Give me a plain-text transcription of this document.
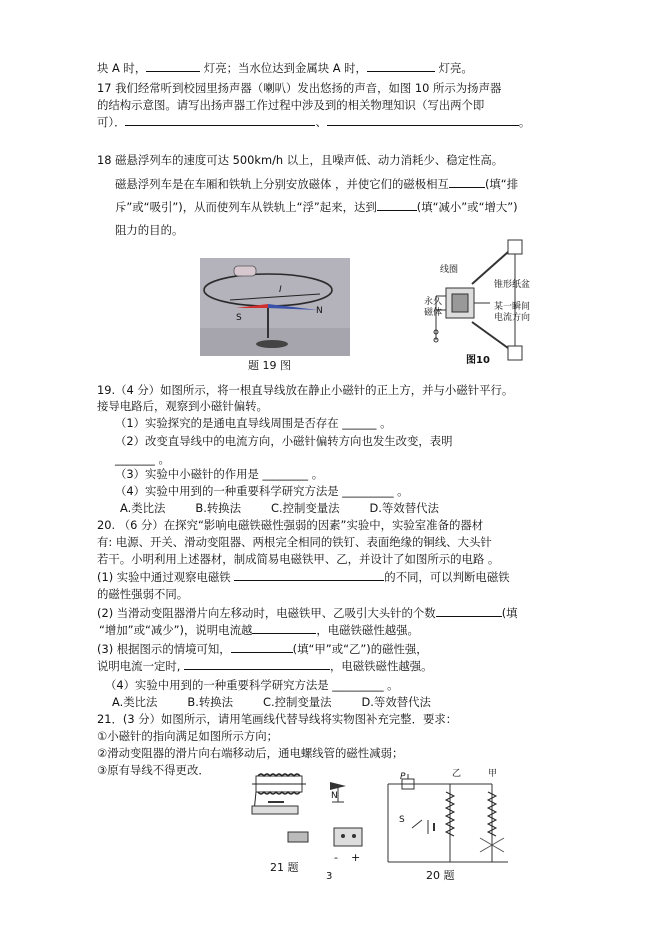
块 A 时，	灯亮；当水位达到金属块 A 时，	灯亮。
17 我们经常听到校园里扬声器（喇叭）发出悠扬的声音，如图 10 所示为扬声器
的结构示意图。请写出扬声器工作过程中涉及到的相关物理知识（写出两个即
可）．	、	。
18 磁悬浮列车的速度可达 500km/h 以上，且噪声低、动力消耗少、稳定性高。
磁悬浮列车是在车厢和铁轨上分别安放磁体 ，并使它们的磁极相互	(填“排
斥”或“吸引”)，从而使列车从铁轨上“浮”起来，达到	(填“减小”或“增大”)
阻力的目的。
S
N
I
题 19 图
线圈
锥形纸盆
永久
磁体
某一瞬间
电流方向
图10
19.（4 分）如图所示，将一根直导线放在静止小磁针的正上方，并与小磁针平行。
接导电路后，观察到小磁针偏转。
（1）实验探究的是通电直导线周围是否存在 ______ 。
（2）改变直导线中的电流方向，小磁针偏转方向也发生改变，表明
_______ 。
（3）实验中小磁针的作用是 ________ 。
（4）实验中用到的一种重要科学研究方法是 _________ 。
A.类比法	B.转换法	C.控制变量法	D.等效替代法
20. （6 分）在探究“影响电磁铁磁性强弱的因素”实验中，实验室准备的器材
有: 电源、开关、滑动变阻器、两根完全相同的铁钉、表面绝缘的铜线、大头针
若干。小明利用上述器材，制成简易电磁铁甲、乙，并设计了如图所示的电路 。
(1) 实验中通过观察电磁铁	的不同，可以判断电磁铁
的磁性强弱不同。
(2) 当滑动变阻器滑片向左移动时，电磁铁甲、乙吸引大头针的个数	(填
“增加”或“减少”)，说明电流越	，电磁铁磁性越强。
(3) 根据图示的情境可知，	(填“甲”或“乙”)的磁性强，
说明电流一定时,	，电磁铁磁性越强。
（4）实验中用到的一种重要科学研究方法是 _________ 。
A.类比法	B.转换法	C.控制变量法	D.等效替代法
21．(3 分）如图所示，请用笔画线代替导线将实物图补充完整．要求：
①小磁针的指向满足如图所示方向；
②滑动变阻器的滑片向右端移动后，通电螺线管的磁性减弱；
③原有导线不得更改．
N
- +
21 题
P
S
甲
乙
20 题
3
